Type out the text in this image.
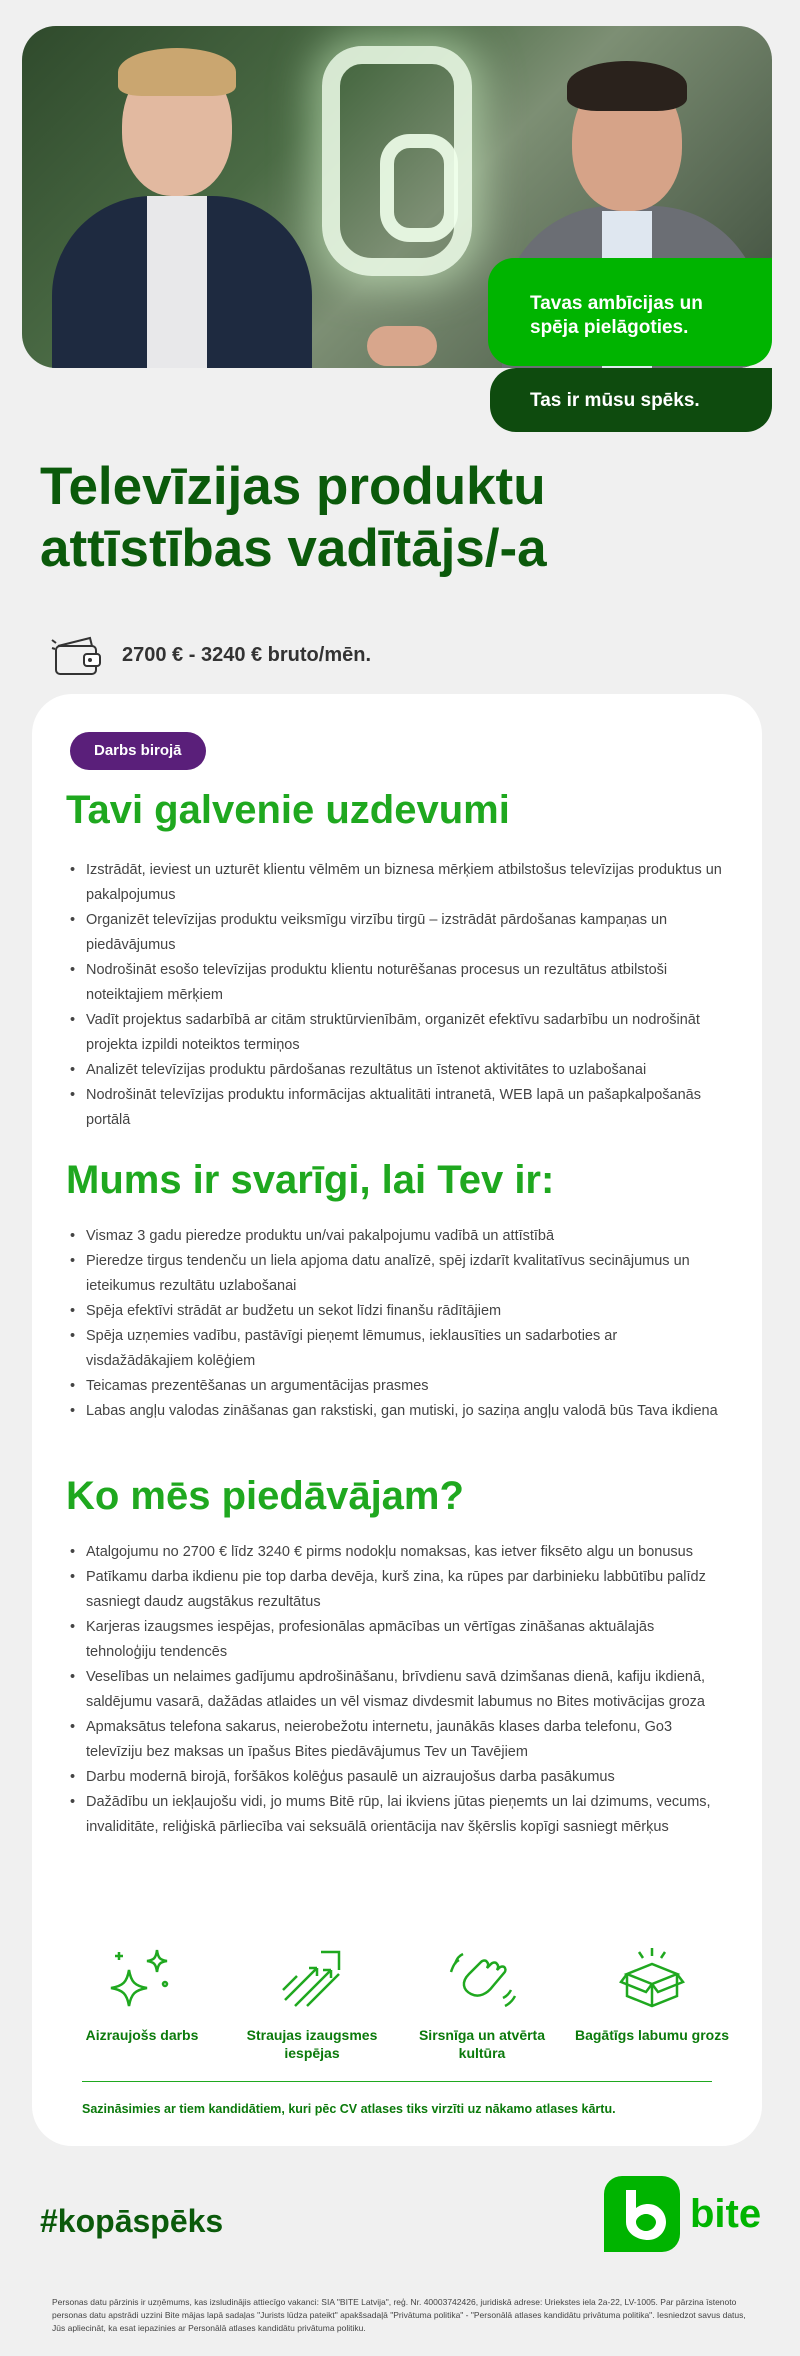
Tavas ambīcijas un spēja pielāgoties.
Tas ir mūsu spēks.
Televīzijas produktu attīstības vadītājs/-a
2700 € - 3240 € bruto/mēn.
Darbs birojā
Tavi galvenie uzdevumi
• Izstrādāt, ieviest un uzturēt klientu vēlmēm un biznesa mērķiem atbilstošus televīzijas produktus un pakalpojumus
• Organizēt televīzijas produktu veiksmīgu virzību tirgū – izstrādāt pārdošanas kampaņas un piedāvājumus
• Nodrošināt esošo televīzijas produktu klientu noturēšanas procesus un rezultātus atbilstoši noteiktajiem mērķiem
• Vadīt projektus sadarbībā ar citām struktūrvienībām, organizēt efektīvu sadarbību un nodrošināt projekta izpildi noteiktos termiņos
• Analizēt televīzijas produktu pārdošanas rezultātus un īstenot aktivitātes to uzlabošanai
• Nodrošināt televīzijas produktu informācijas aktualitāti intranetā, WEB lapā un pašapkalpošanās portālā
Mums ir svarīgi, lai Tev ir:
• Vismaz 3 gadu pieredze produktu un/vai pakalpojumu vadībā un attīstībā
• Pieredze tirgus tendenču un liela apjoma datu analīzē, spēj izdarīt kvalitatīvus secinājumus un ieteikumus rezultātu uzlabošanai
• Spēja efektīvi strādāt ar budžetu un sekot līdzi finanšu rādītājiem
• Spēja uzņemies vadību, pastāvīgi pieņemt lēmumus, ieklausīties un sadarboties ar visdažādākajiem kolēģiem
• Teicamas prezentēšanas un argumentācijas prasmes
• Labas angļu valodas zināšanas gan rakstiski, gan mutiski, jo saziņa angļu valodā būs Tava ikdiena
Ko mēs piedāvājam?
• Atalgojumu no 2700 € līdz 3240 € pirms nodokļu nomaksas, kas ietver fiksēto algu un bonusus
• Patīkamu darba ikdienu pie top darba devēja, kurš zina, ka rūpes par darbinieku labbūtību palīdz sasniegt daudz augstākus rezultātus
• Karjeras izaugsmes iespējas, profesionālas apmācības un vērtīgas zināšanas aktuālajās tehnoloģiju tendencēs
• Veselības un nelaimes gadījumu apdrošināšanu, brīvdienu savā dzimšanas dienā, kafiju ikdienā, saldējumu vasarā, dažādas atlaides un vēl vismaz divdesmit labumus no Bites motivācijas groza
• Apmaksātus telefona sakarus, neierobežotu internetu, jaunākās klases darba telefonu, Go3 televīziju bez maksas un īpašus Bites piedāvājumus Tev un Tavējiem
• Darbu modernā birojā, foršākos kolēģus pasaulē un aizraujošus darba pasākumus
• Dažādību un iekļaujošu vidi, jo mums Bitē rūp, lai ikviens jūtas pieņemts un lai dzimums, vecums, invaliditāte, reliģiskā pārliecība vai seksuālā orientācija nav šķērslis kopīgi sasniegt mērķus
Aizraujošs darbs	Straujas izaugsmes iespējas
Sirsnīga un atvērta kultūra
Bagātīgs labumu grozs
Sazināsimies ar tiem kandidātiem, kuri pēc CV atlases tiks virzīti uz nākamo atlases kārtu.
#kopāspēks	bite
Personas datu pārzinis ir uzņēmums, kas izsludinājis attiecīgo vakanci: SIA "BITE Latvija", reģ. Nr. 40003742426, juridiskā adrese: Uriekstes iela 2a-22, LV-1005. Par pārzina īstenoto personas datu apstrādi uzzini Bite mājas lapā sadaļas "Jurists lūdza pateikt" apakšsadaļā "Privātuma politika" - "Personālā atlases kandidātu privātuma politika". Iesniedzot savus datus, Jūs apliecināt, ka esat iepazinies ar Personālā atlases kandidātu privātuma politiku.
